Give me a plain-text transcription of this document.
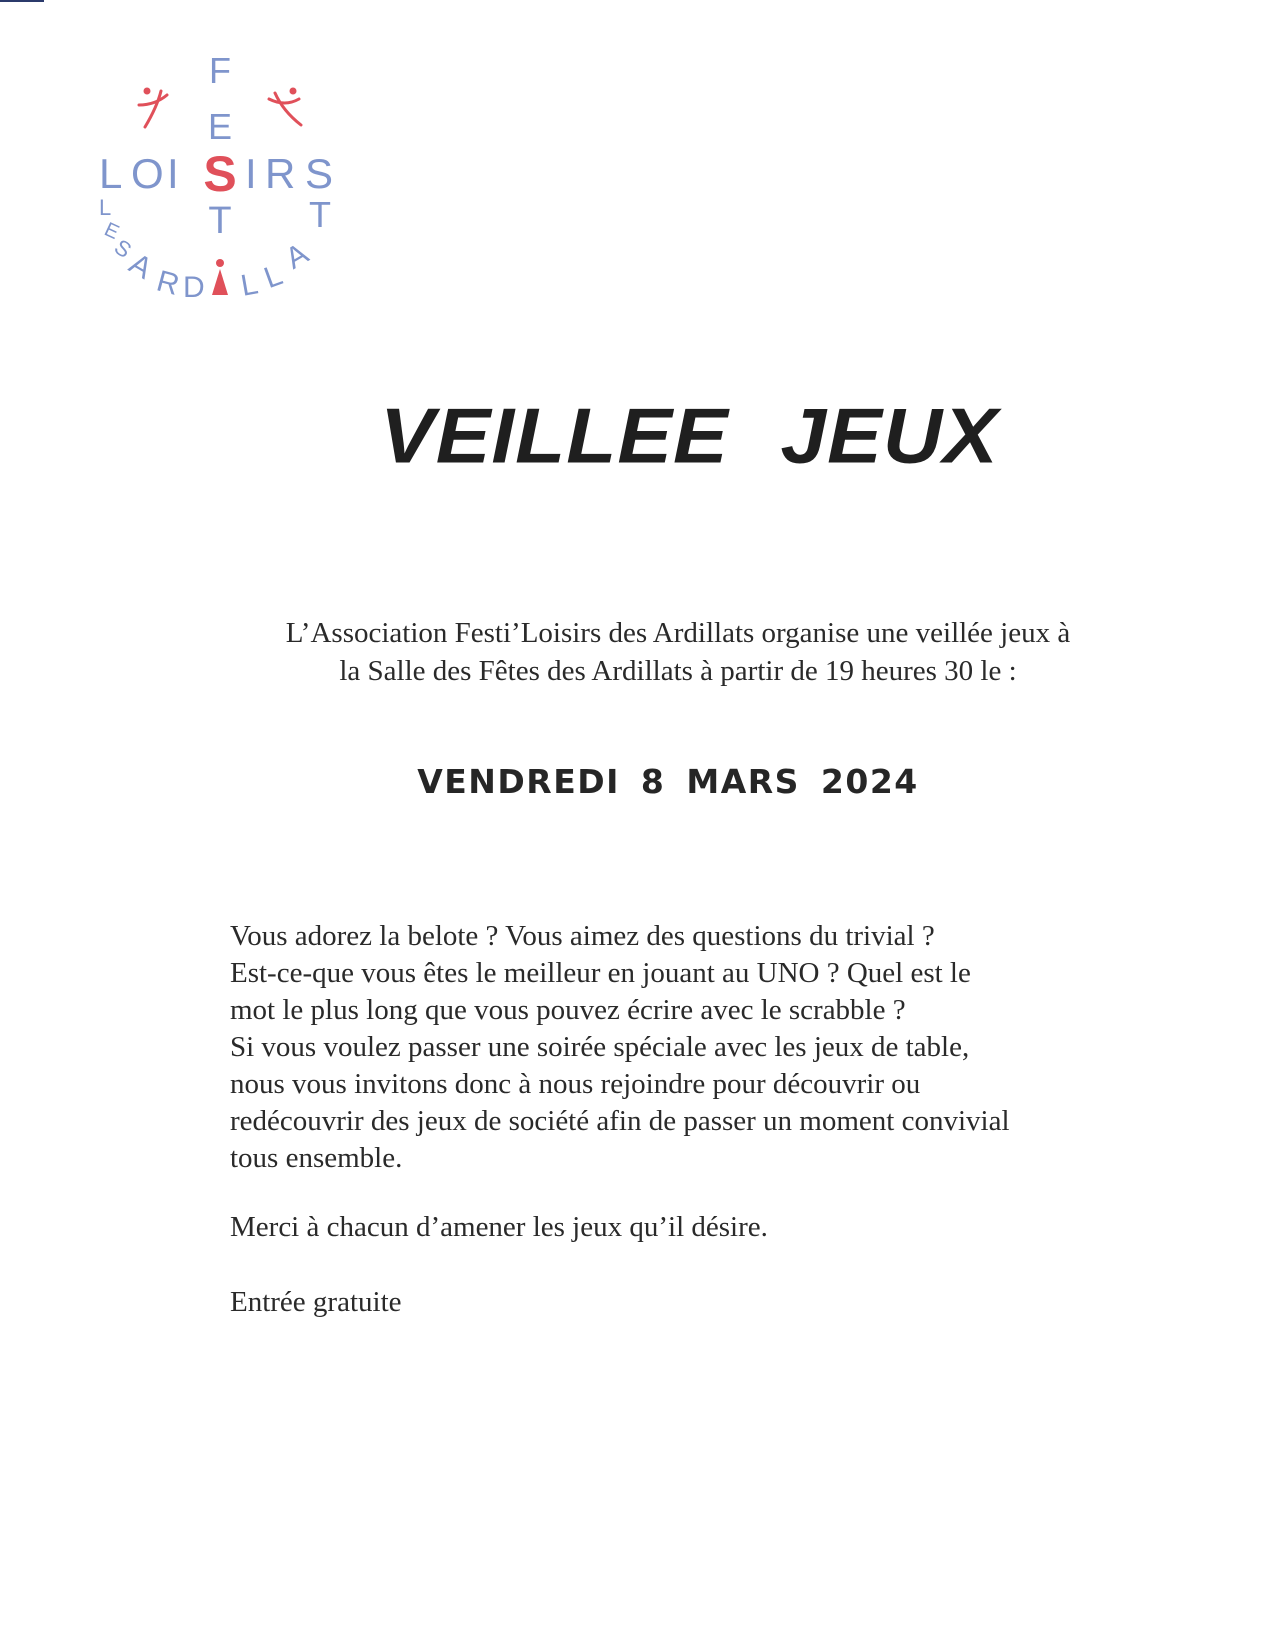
F
E
T
L O I S I R S
L
E
S
A
R D L L
A
T
VEILLEE JEUX
L’Association Festi’Loisirs des Ardillats organise une veillée jeux à
la Salle des Fêtes des Ardillats à partir de 19 heures 30 le :
VENDREDI 8 MARS 2024
Vous adorez la belote ? Vous aimez des questions du trivial ?
Est-ce-que vous êtes le meilleur en jouant au UNO ? Quel est le
mot le plus long que vous pouvez écrire avec le scrabble ?
Si vous voulez passer une soirée spéciale avec les jeux de table,
nous vous invitons donc à nous rejoindre pour découvrir ou
redécouvrir des jeux de société afin de passer un moment convivial
tous ensemble.
Merci à chacun d’amener les jeux qu’il désire.
Entrée gratuite
